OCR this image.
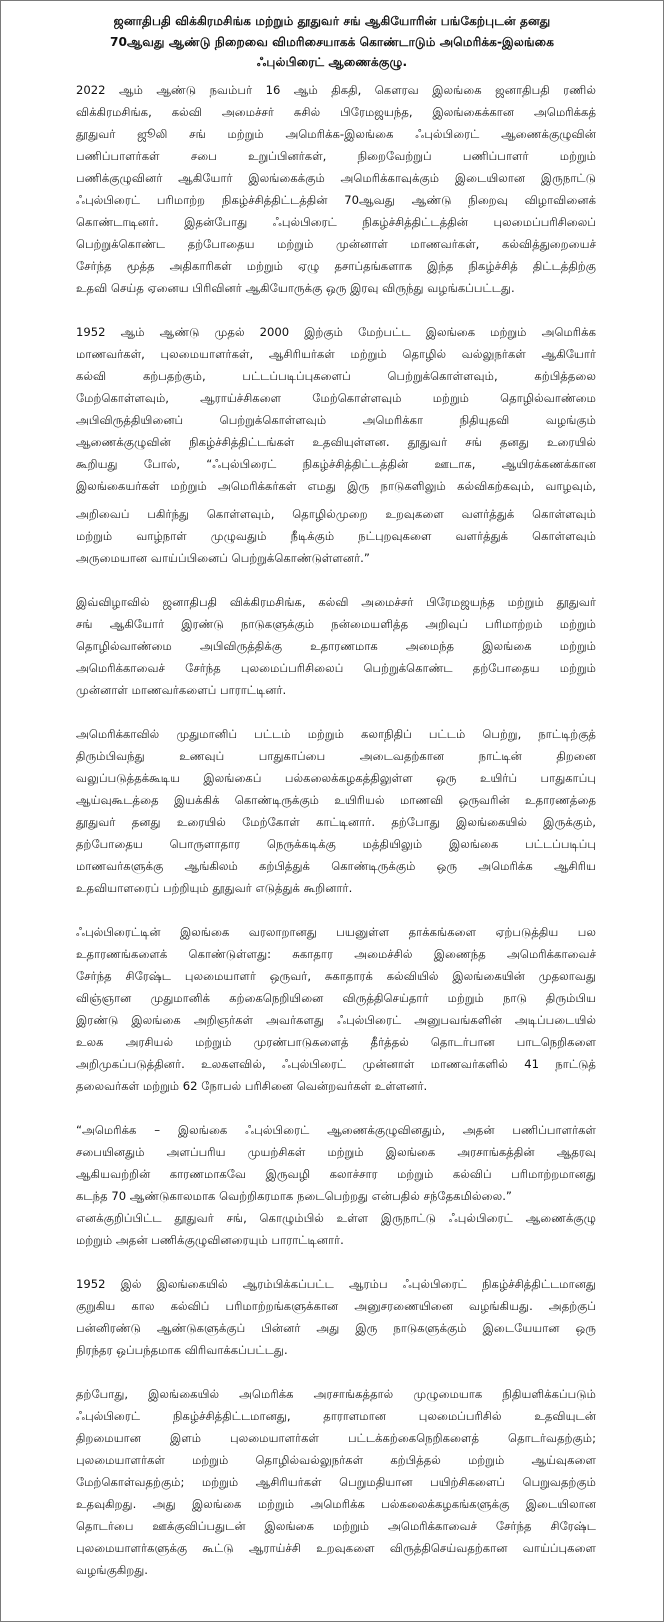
ஜனாதிபதி விக்கிரமசிங்க மற்றும் தூதுவர் சங் ஆகியோரின் பங்கேற்புடன் தனது
70ஆவது ஆண்டு நிறைவை விமரிசையாகக் கொண்டாடும் அமெரிக்க-இலங்கை
ஃபுல்பிரைட் ஆணைக்குழு.
2022 ஆம் ஆண்டு நவம்பர் 16 ஆம் திகதி, கௌரவ இலங்கை ஜனாதிபதி ரணில்
விக்கிரமசிங்க, கல்வி அமைச்சர் சுசில் பிரேமஜயந்த, இலங்கைக்கான அமெரிக்கத்
தூதுவர் ஜூலி சங் மற்றும் அமெரிக்க-இலங்கை ஃபுல்பிரைட் ஆணைக்குழுவின்
பணிப்பாளர்கள் சபை உறுப்பினர்கள், நிறைவேற்றுப் பணிப்பாளர் மற்றும்
பணிக்குழுவினர் ஆகியோர் இலங்கைக்கும் அமெரிக்காவுக்கும் இடையிலான இருநாட்டு
ஃபுல்பிரைட் பரிமாற்ற நிகழ்ச்சித்திட்டத்தின் 70ஆவது ஆண்டு நிறைவு விழாவினைக்
கொண்டாடினர். இதன்போது ஃபுல்பிரைட் நிகழ்ச்சித்திட்டத்தின் புலமைப்பரிசிலைப்
பெற்றுக்கொண்ட தற்போதைய மற்றும் முன்னாள் மாணவர்கள், கல்வித்துறையைச்
சேர்ந்த மூத்த அதிகாரிகள் மற்றும் ஏழு தசாப்தங்களாக இந்த நிகழ்ச்சித் திட்டத்திற்கு
உதவி செய்த ஏனைய பிரிவினர் ஆகியோருக்கு ஒரு இரவு விருந்து வழங்கப்பட்டது.
1952 ஆம் ஆண்டு முதல் 2000 இற்கும் மேற்பட்ட இலங்கை மற்றும் அமெரிக்க
மாணவர்கள், புலமையாளர்கள், ஆசிரியர்கள் மற்றும் தொழில் வல்லுநர்கள் ஆகியோர்
கல்வி கற்பதற்கும், பட்டப்படிப்புகளைப் பெற்றுக்கொள்ளவும், கற்பித்தலை
மேற்கொள்ளவும், ஆராய்ச்சிகளை மேற்கொள்ளவும் மற்றும் தொழில்வாண்மை
அபிவிருத்தியினைப் பெற்றுக்கொள்ளவும் அமெரிக்கா நிதியுதவி வழங்கும்
ஆணைக்குழுவின் நிகழ்ச்சித்திட்டங்கள் உதவியுள்ளன. தூதுவர் சங் தனது உரையில்
கூறியது போல், “ஃபுல்பிரைட் நிகழ்ச்சித்திட்டத்தின் ஊடாக, ஆயிரக்கணக்கான
இலங்கையர்கள் மற்றும் அமெரிக்கர்கள் எமது இரு நாடுகளிலும் கல்விகற்கவும், வாழவும்,
அறிவைப் பகிர்ந்து கொள்ளவும், தொழில்முறை உறவுகளை வளர்த்துக் கொள்ளவும்
மற்றும் வாழ்நாள் முழுவதும் நீடிக்கும் நட்புறவுகளை வளர்த்துக் கொள்ளவும்
அருமையான வாய்ப்பினைப் பெற்றுக்கொண்டுள்ளனர்.”
இவ்விழாவில் ஜனாதிபதி விக்கிரமசிங்க, கல்வி அமைச்சர் பிரேமஜயந்த மற்றும் தூதுவர்
சங் ஆகியோர் இரண்டு நாடுகளுக்கும் நன்மையளித்த அறிவுப் பரிமாற்றம் மற்றும்
தொழில்வாண்மை அபிவிருத்திக்கு உதாரணமாக அமைந்த இலங்கை மற்றும்
அமெரிக்காவைச் சேர்ந்த புலமைப்பரிசிலைப் பெற்றுக்கொண்ட தற்போதைய மற்றும்
முன்னாள் மாணவர்களைப் பாராட்டினர்.
அமெரிக்காவில் முதுமானிப் பட்டம் மற்றும் கலாநிதிப் பட்டம் பெற்று, நாட்டிற்குத்
திரும்பிவந்து உணவுப் பாதுகாப்பை அடைவதற்கான நாட்டின் திறனை
வலுப்படுத்தக்கூடிய இலங்கைப் பல்கலைக்கழகத்திலுள்ள ஒரு உயிர்ப் பாதுகாப்பு
ஆய்வுகூடத்தை இயக்கிக் கொண்டிருக்கும் உயிரியல் மாணவி ஒருவரின் உதாரணத்தை
தூதுவர் தனது உரையில் மேற்கோள் காட்டினார். தற்போது இலங்கையில் இருக்கும்,
தற்போதைய பொருளாதார நெருக்கடிக்கு மத்தியிலும் இலங்கை பட்டப்படிப்பு
மாணவர்களுக்கு ஆங்கிலம் கற்பித்துக் கொண்டிருக்கும் ஒரு அமெரிக்க ஆசிரிய
உதவியாளரைப் பற்றியும் தூதுவர் எடுத்துக் கூறினார்.
ஃபுல்பிரைட்டின் இலங்கை வரலாறானது பயனுள்ள தாக்கங்களை ஏற்படுத்திய பல
உதாரணங்களைக் கொண்டுள்ளது: சுகாதார அமைச்சில் இணைந்த அமெரிக்காவைச்
சேர்ந்த சிரேஷ்ட புலமையாளர் ஒருவர், சுகாதாரக் கல்வியில் இலங்கையின் முதலாவது
விஞ்ஞான முதுமானிக் கற்கைநெறியினை விருத்திசெய்தார் மற்றும் நாடு திரும்பிய
இரண்டு இலங்கை அறிஞர்கள் அவர்களது ஃபுல்பிரைட் அனுபவங்களின் அடிப்படையில்
உலக அரசியல் மற்றும் முரண்பாடுகளைத் தீர்த்தல் தொடர்பான பாடநெறிகளை
அறிமுகப்படுத்தினர். உலகளவில், ஃபுல்பிரைட் முன்னாள் மாணவர்களில் 41 நாட்டுத்
தலைவர்கள் மற்றும் 62 நோபல் பரிசினை வென்றவர்கள் உள்ளனர்.
“அமெரிக்க – இலங்கை ஃபுல்பிரைட் ஆணைக்குழுவினதும், அதன் பணிப்பாளர்கள்
சபையினதும் அளப்பரிய முயற்சிகள் மற்றும் இலங்கை அரசாங்கத்தின் ஆதரவு
ஆகியவற்றின் காரணமாகவே இருவழி கலாச்சார மற்றும் கல்விப் பரிமாற்றமானது
கடந்த 70 ஆண்டுகாலமாக வெற்றிகரமாக நடைபெற்றது என்பதில் சந்தேகமில்லை.”
எனக்குறிப்பிட்ட தூதுவர் சங், கொழும்பில் உள்ள இருநாட்டு ஃபுல்பிரைட் ஆணைக்குழு
மற்றும் அதன் பணிக்குழுவினரையும் பாராட்டினார்.
1952 இல் இலங்கையில் ஆரம்பிக்கப்பட்ட ஆரம்ப ஃபுல்பிரைட் நிகழ்ச்சித்திட்டமானது
குறுகிய கால கல்விப் பரிமாற்றங்களுக்கான அனுசரணையினை வழங்கியது. அதற்குப்
பன்னிரண்டு ஆண்டுகளுக்குப் பின்னர் அது இரு நாடுகளுக்கும் இடையேயான ஒரு
நிரந்தர ஒப்பந்தமாக விரிவாக்கப்பட்டது.
தற்போது, இலங்கையில் அமெரிக்க அரசாங்கத்தால் முழுமையாக நிதியளிக்கப்படும்
ஃபுல்பிரைட் நிகழ்ச்சித்திட்டமானது, தாராளமான புலமைப்பரிசில் உதவியுடன்
திறமையான இளம் புலமையாளர்கள் பட்டக்கற்கைநெறிகளைத் தொடர்வதற்கும்;
புலமையாளர்கள் மற்றும் தொழில்வல்லுநர்கள் கற்பித்தல் மற்றும் ஆய்வுகளை
மேற்கொள்வதற்கும்; மற்றும் ஆசிரியர்கள் பெறுமதியான பயிற்சிகளைப் பெறுவதற்கும்
உதவுகிறது. அது இலங்கை மற்றும் அமெரிக்க பல்கலைக்கழகங்களுக்கு இடையிலான
தொடர்பை ஊக்குவிப்பதுடன் இலங்கை மற்றும் அமெரிக்காவைச் சேர்ந்த சிரேஷ்ட
புலமையாளர்களுக்கு கூட்டு ஆராய்ச்சி உறவுகளை விருத்திசெய்வதற்கான வாய்ப்புகளை
வழங்குகிறது.
